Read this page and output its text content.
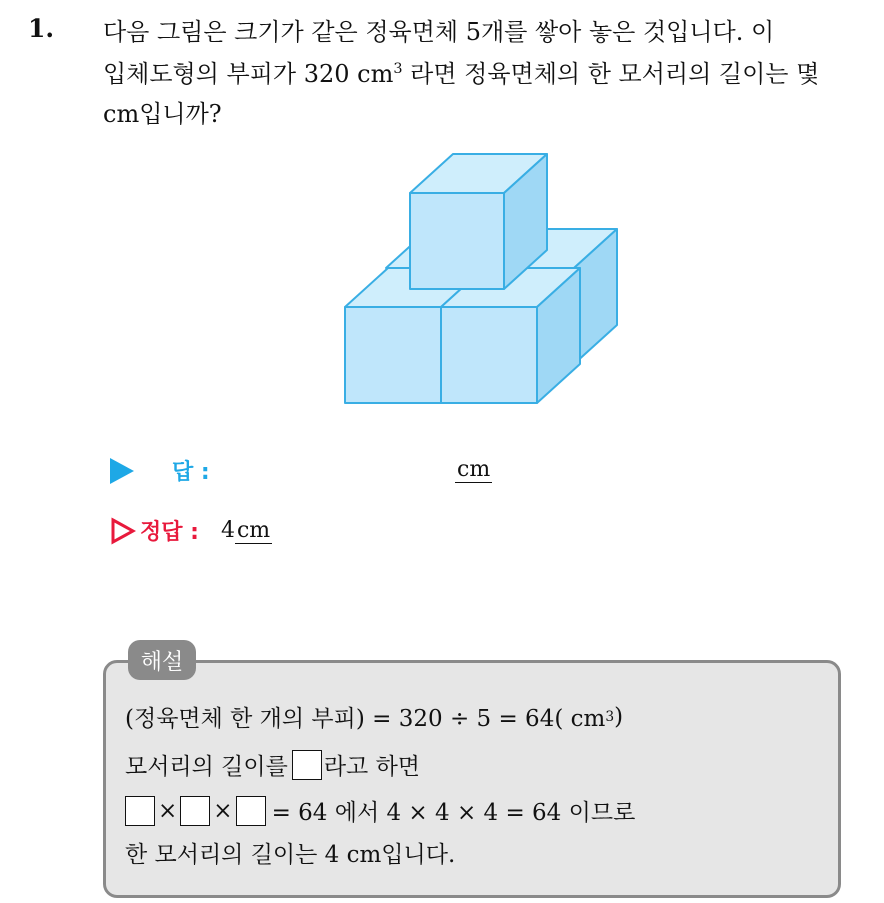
1. 다음 그림은 크기가 같은 정육면체 5개를 쌓아 놓은 것입니다. 이
입체도형의 부피가 320 $cm^3$ 라면 정육면체의 한 모서리의 길이는 몇
cm입니까?
답 :	cm
정답 : 4cm
해설
(정육면체 한 개의 부피) = 320 ÷ 5 = 64( cm 3 )
모서리의 길이를 라고 하면
× × = 64 에서 4 × 4 × 4 = 64 이므로
한 모서리의 길이는 4 cm입니다.
